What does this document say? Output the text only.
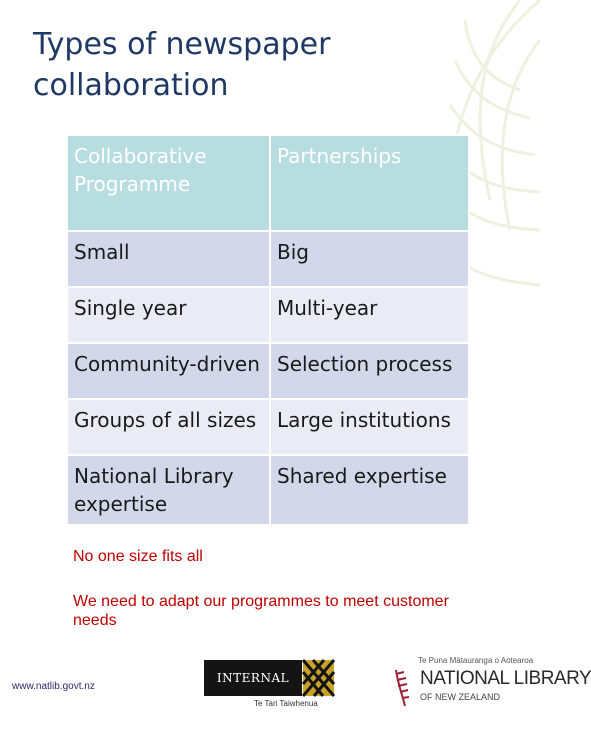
Types of newspaper collaboration
Collaborative Programme	Partnerships
Small	Big
Single year	Multi-year
Community-driven	Selection process
Groups of all sizes	Large institutions
National Library expertise	Shared expertise
No one size fits all
We need to adapt our programmes to meet customer needs
www.natlib.govt.nz
INTERNAL AFFAIRS
Te Tari Taiwhenua
Te Puna Mātauranga o Aotearoa
NATIONAL LIBRARY
OF NEW ZEALAND
